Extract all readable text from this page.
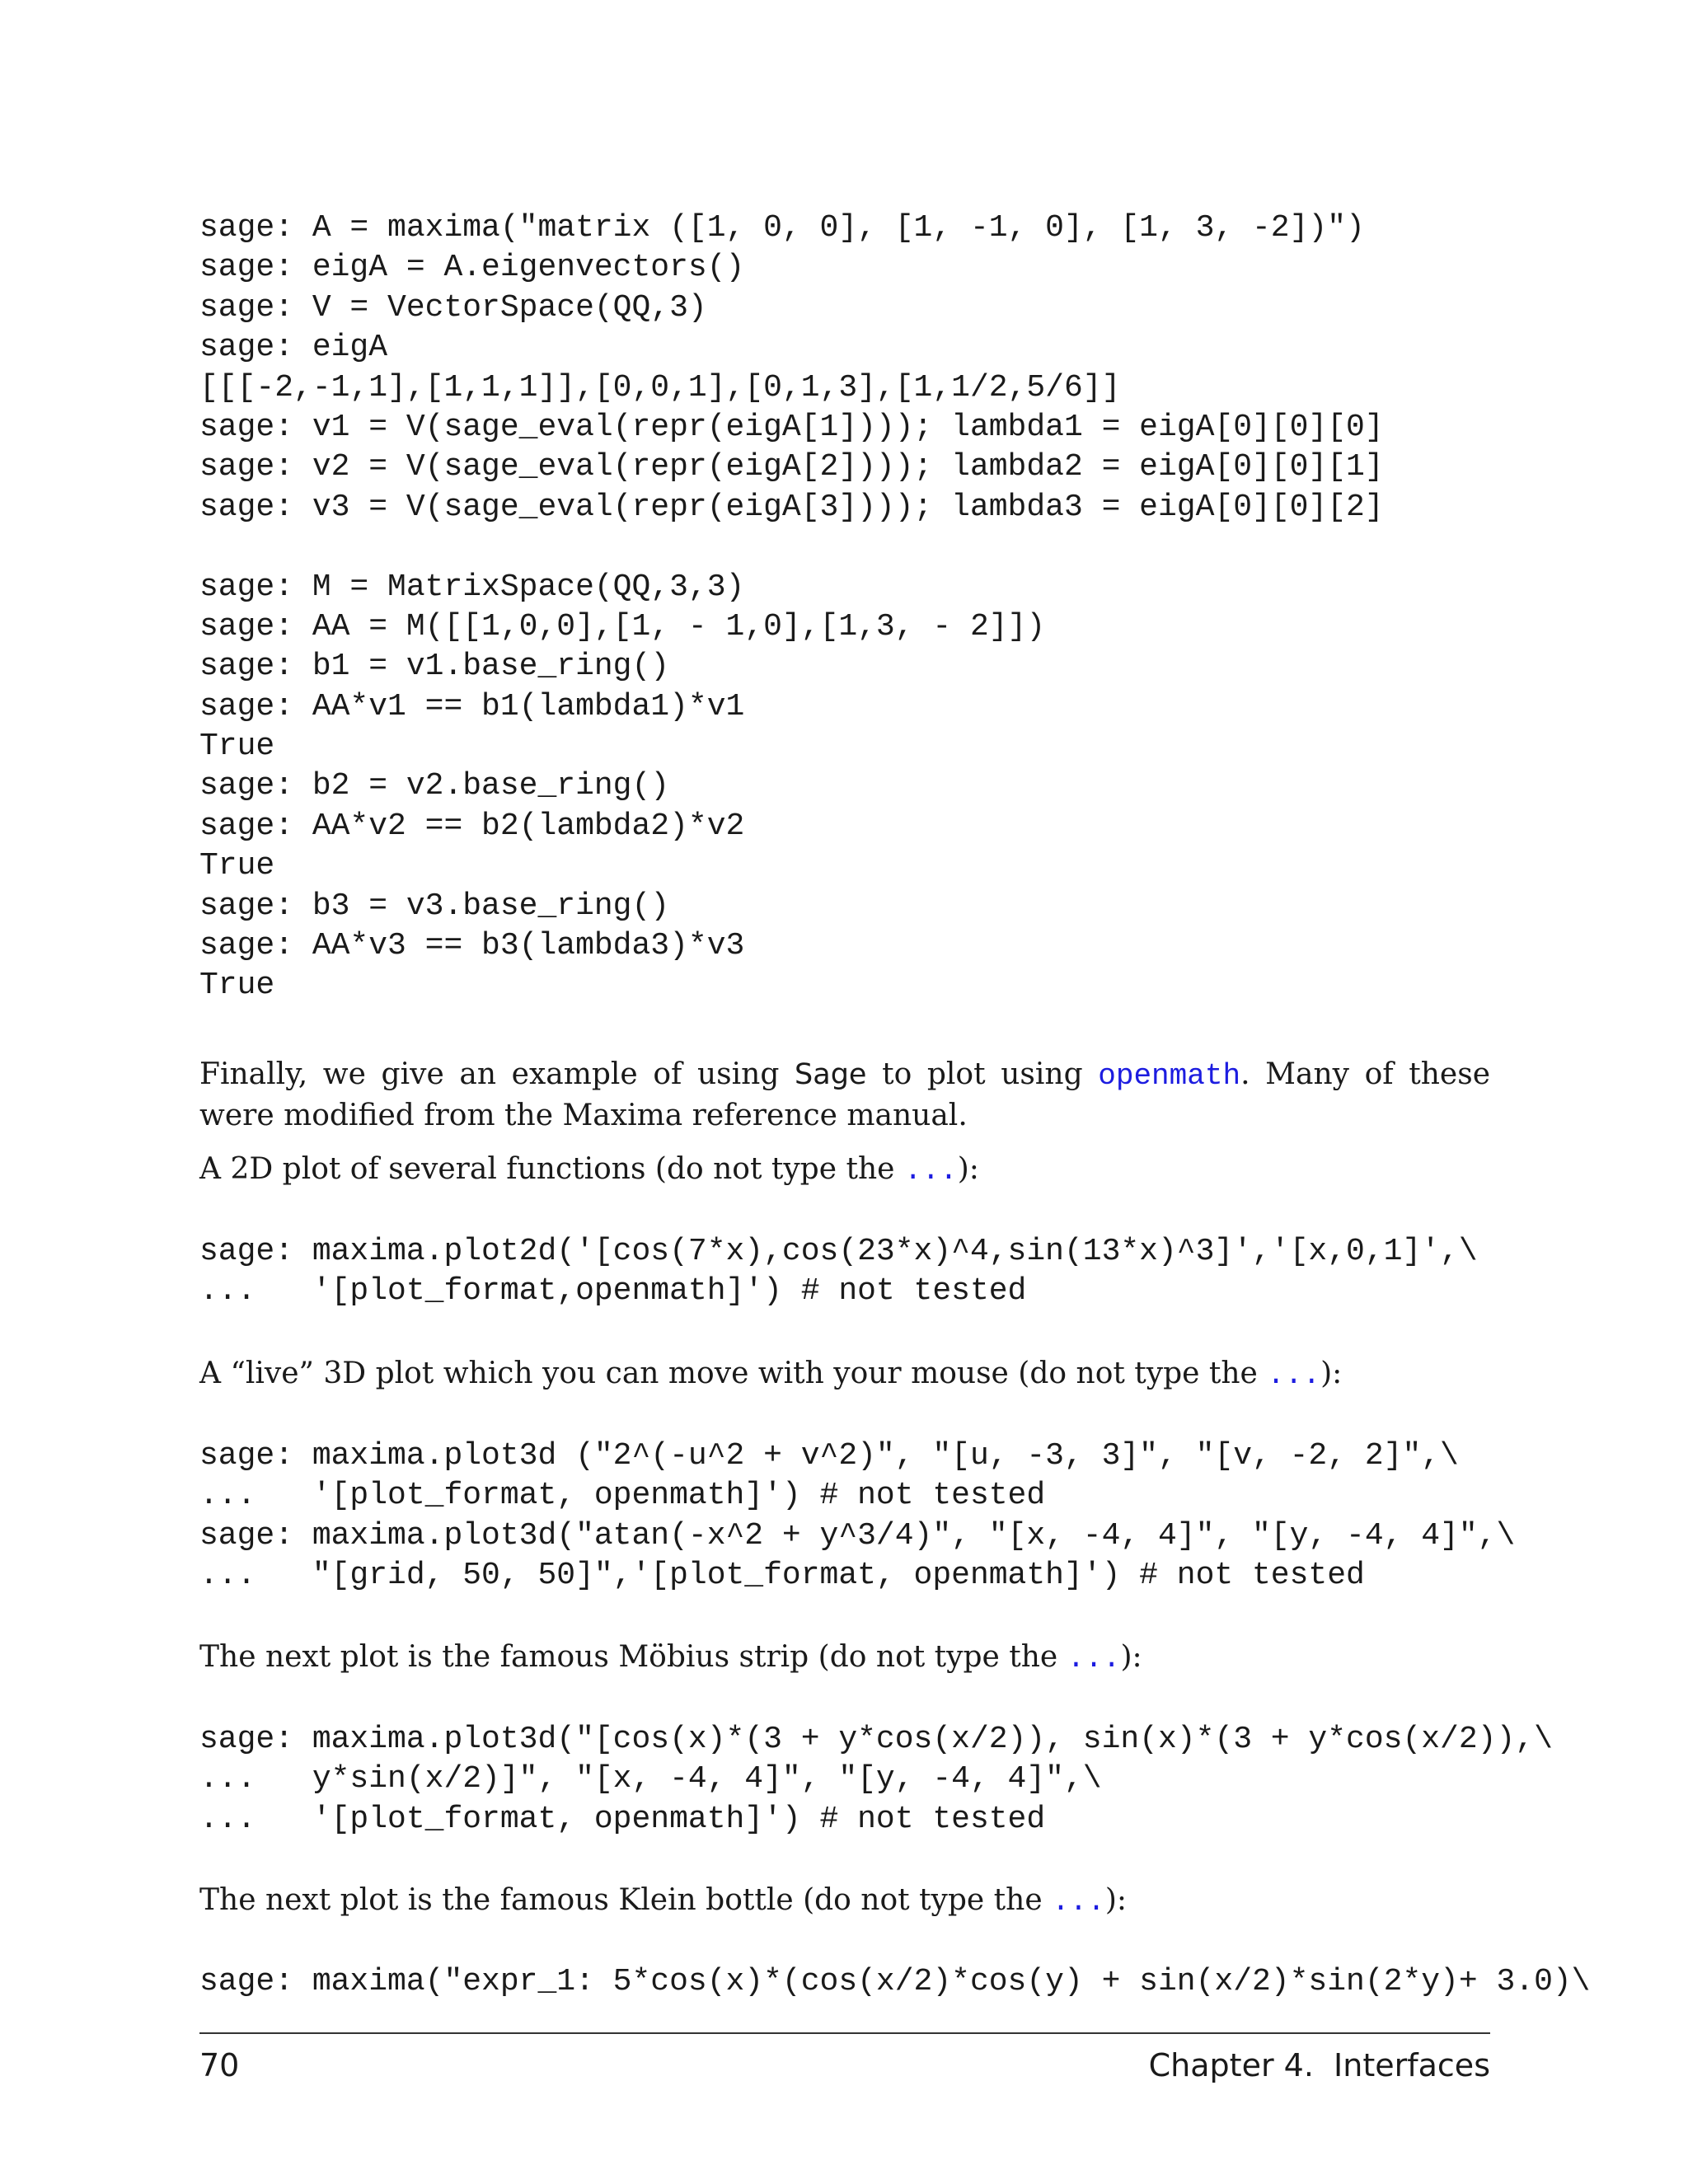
sage: A = maxima("matrix ([1, 0, 0], [1, -1, 0], [1, 3, -2])")
sage: eigA = A.eigenvectors()
sage: V = VectorSpace(QQ,3)
sage: eigA
[[[-2,-1,1],[1,1,1]],[0,0,1],[0,1,3],[1,1/2,5/6]]
sage: v1 = V(sage_eval(repr(eigA[1]))); lambda1 = eigA[0][0][0]
sage: v2 = V(sage_eval(repr(eigA[2]))); lambda2 = eigA[0][0][1]
sage: v3 = V(sage_eval(repr(eigA[3]))); lambda3 = eigA[0][0][2]
sage: M = MatrixSpace(QQ,3,3)
sage: AA = M([[1,0,0],[1, - 1,0],[1,3, - 2]])
sage: b1 = v1.base_ring()
sage: AA*v1 == b1(lambda1)*v1
True
sage: b2 = v2.base_ring()
sage: AA*v2 == b2(lambda2)*v2
True
sage: b3 = v3.base_ring()
sage: AA*v3 == b3(lambda3)*v3
True

Finally, we give an example of using Sage to plot using openmath. Many of these were modified from the Maxima reference manual.

A 2D plot of several functions (do not type the ...):

sage: maxima.plot2d('[cos(7*x),cos(23*x)^4,sin(13*x)^3]','[x,0,1]',\
...   '[plot_format,openmath]') # not tested

A “live” 3D plot which you can move with your mouse (do not type the ...):

sage: maxima.plot3d ("2^(-u^2 + v^2)", "[u, -3, 3]", "[v, -2, 2]",\
...   '[plot_format, openmath]') # not tested
sage: maxima.plot3d("atan(-x^2 + y^3/4)", "[x, -4, 4]", "[y, -4, 4]",\
...   "[grid, 50, 50]",'[plot_format, openmath]') # not tested

The next plot is the famous Möbius strip (do not type the ...):

sage: maxima.plot3d("[cos(x)*(3 + y*cos(x/2)), sin(x)*(3 + y*cos(x/2)),\
...   y*sin(x/2)]", "[x, -4, 4]", "[y, -4, 4]",\
...   '[plot_format, openmath]') # not tested

The next plot is the famous Klein bottle (do not type the ...):

sage: maxima("expr_1: 5*cos(x)*(cos(x/2)*cos(y) + sin(x/2)*sin(2*y)+ 3.0)\
70	Chapter 4.  Interfaces
